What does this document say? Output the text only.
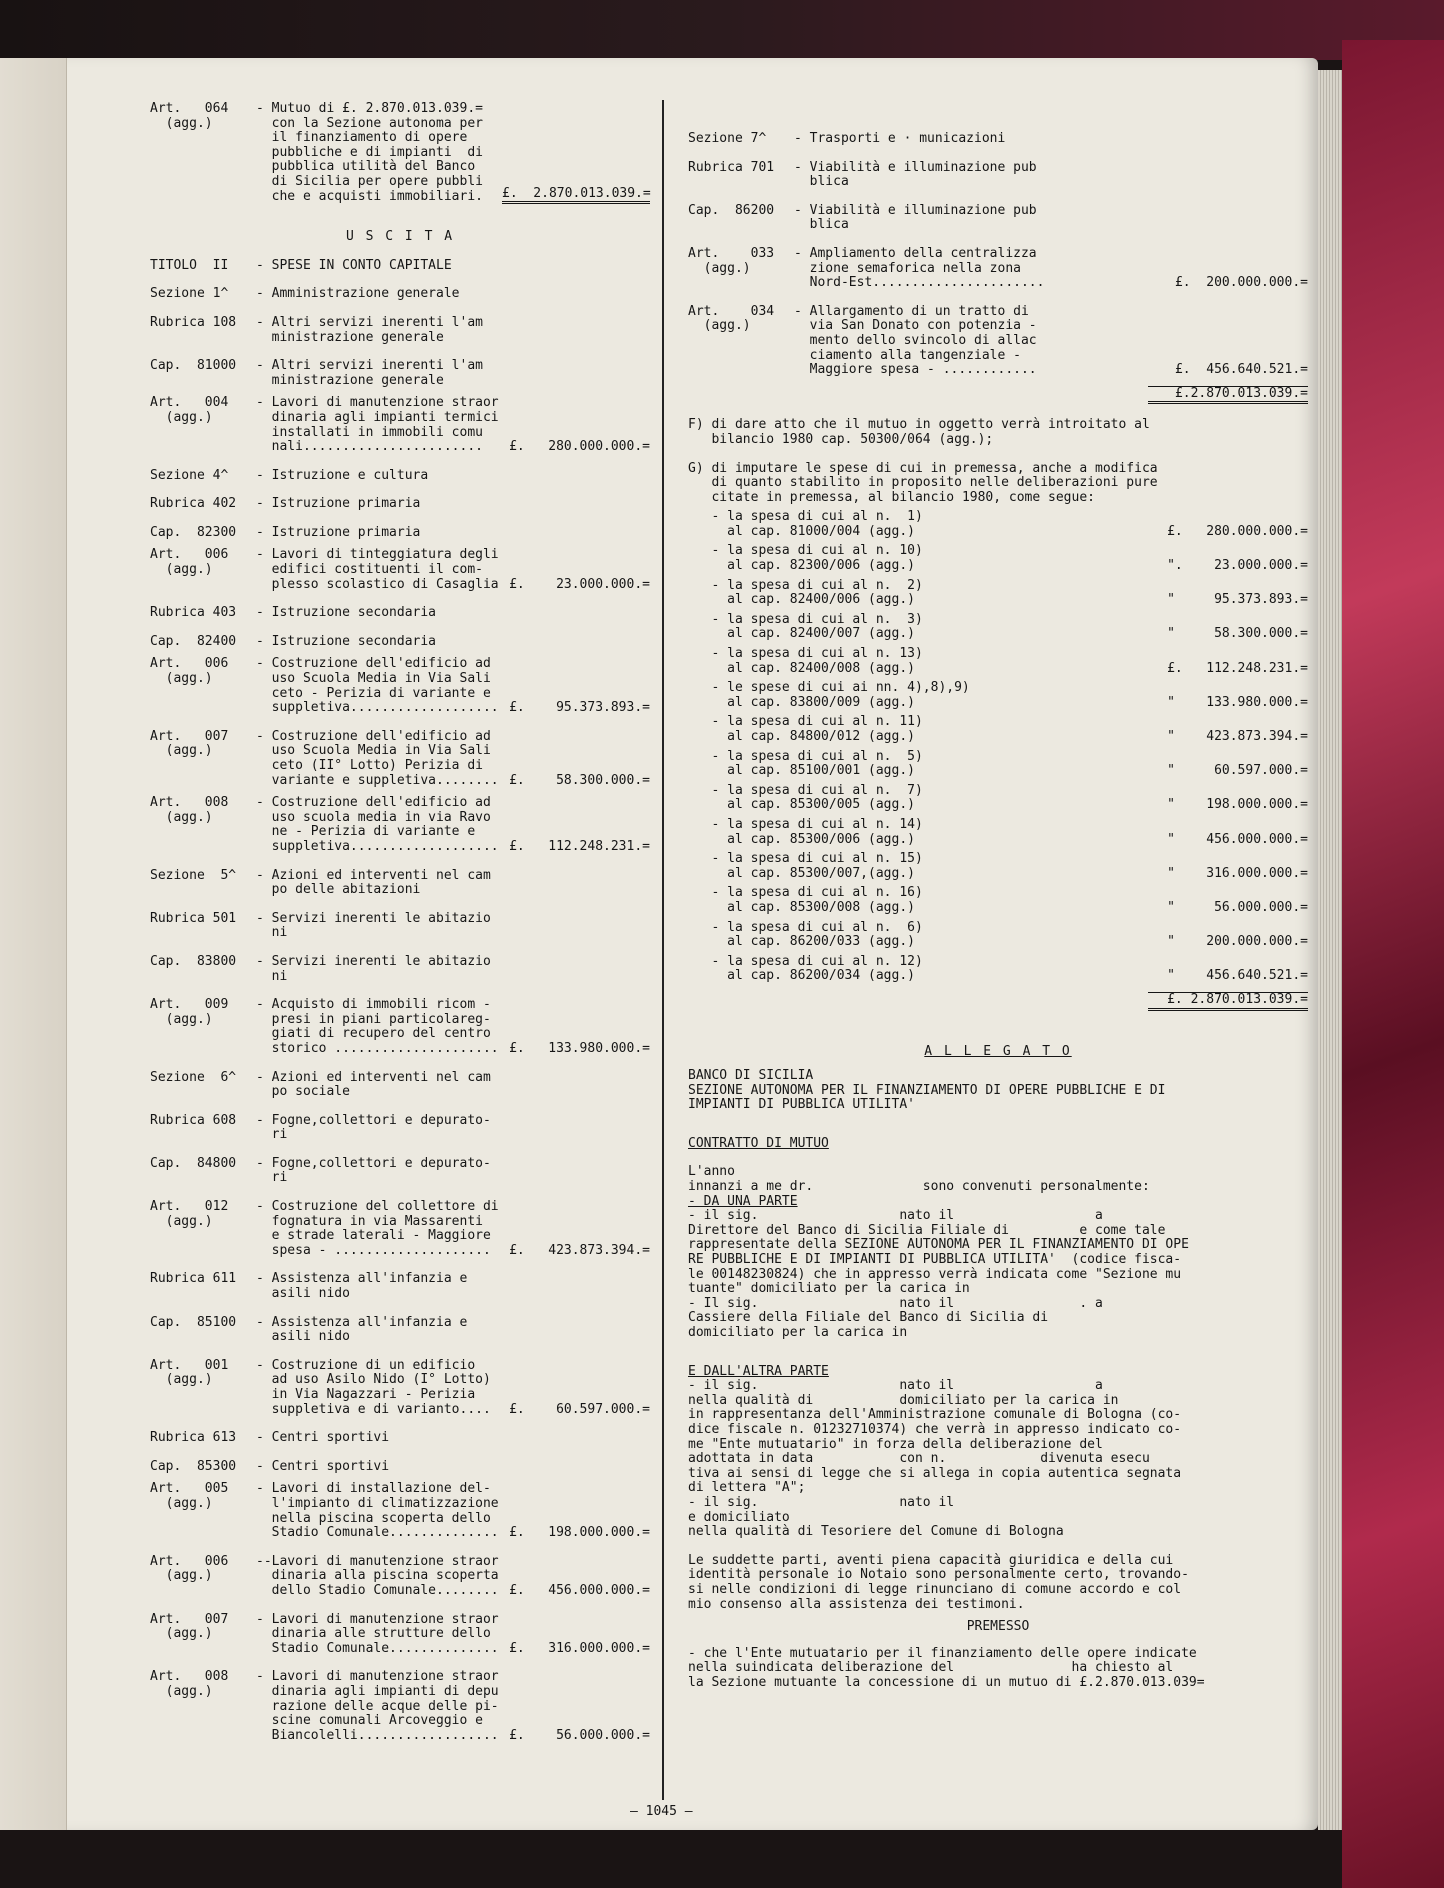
Art.   064
(agg.)
- Mutuo di £. 2.870.013.039.=
con la Sezione autonoma per
il finanziamento di opere
pubbliche e di impianti  di
pubblica utilità del Banco
di Sicilia per opere pubbli
che e acquisti immobiliari.	£.  2.870.013.039.=
U S C I T A
TITOLO  II	- SPESE IN CONTO CAPITALE
Sezione 1^	- Amministrazione generale
Rubrica 108	- Altri servizi inerenti l'am
ministrazione generale
Cap.  81000	- Altri servizi inerenti l'am
ministrazione generale
Art.   004
(agg.)
- Lavori di manutenzione straor
dinaria agli impianti termici
installati in immobili comu
nali.......................	£.   280.000.000.=
Sezione 4^	- Istruzione e cultura
Rubrica 402	- Istruzione primaria
Cap.  82300	- Istruzione primaria
Art.   006
(agg.)
- Lavori di tinteggiatura degli
edifici costituenti il com-
plesso scolastico di Casaglia £.    23.000.000.=
Rubrica 403	- Istruzione secondaria
Cap.  82400	- Istruzione secondaria
Art.   006
(agg.)
- Costruzione dell'edificio ad
uso Scuola Media in Via Sali
ceto - Perizia di variante e
suppletiva................... £.    95.373.893.=
Art.   007
(agg.)
- Costruzione dell'edificio ad
uso Scuola Media in Via Sali
ceto (II° Lotto) Perizia di
variante e suppletiva........ £.    58.300.000.=
Art.   008
(agg.)
- Costruzione dell'edificio ad
uso scuola media in via Ravo
ne - Perizia di variante e
suppletiva................... £.   112.248.231.=
Sezione  5^	- Azioni ed interventi nel cam
po delle abitazioni
Rubrica 501	- Servizi inerenti le abitazio
ni
Cap.  83800	- Servizi inerenti le abitazio
ni
Art.   009
(agg.)
- Acquisto di immobili ricom -
presi in piani particolareg-
giati di recupero del centro
storico ..................... £.   133.980.000.=
Sezione  6^	- Azioni ed interventi nel cam
po sociale
Rubrica 608	- Fogne,collettori e depurato-
ri
Cap.  84800	- Fogne,collettori e depurato-
ri
Art.   012
(agg.)
- Costruzione del collettore di
fognatura in via Massarenti
e strade laterali - Maggiore
spesa - ....................	£.   423.873.394.=
Rubrica 611	- Assistenza all'infanzia e
asili nido
Cap.  85100	- Assistenza all'infanzia e
asili nido
Art.   001
(agg.)
- Costruzione di un edificio
ad uso Asilo Nido (I° Lotto)
in Via Nagazzari - Perizia
suppletiva e di varianto....	£.    60.597.000.=
Rubrica 613	- Centri sportivi
Cap.  85300	- Centri sportivi
Art.   005
(agg.)
- Lavori di installazione del-
l'impianto di climatizzazione
nella piscina scoperta dello
Stadio Comunale.............. £.   198.000.000.=
Art.   006
(agg.)
--Lavori di manutenzione straor
dinaria alla piscina scoperta
dello Stadio Comunale........ £.   456.000.000.=
Art.   007
(agg.)
- Lavori di manutenzione straor
dinaria alle strutture dello
Stadio Comunale.............. £.   316.000.000.=
Art.   008
(agg.)
- Lavori di manutenzione straor
dinaria agli impianti di depu
razione delle acque delle pi-
scine comunali Arcoveggio e
Biancolelli.................. £.    56.000.000.=
Sezione 7^	- Trasporti e · municazioni
Rubrica 701	- Viabilità e illuminazione pub
blica
Cap.  86200	- Viabilità e illuminazione pub
blica
Art.    033
(agg.)
- Ampliamento della centralizza
zione semaforica nella zona
Nord-Est......................	£.  200.000.000.=
Art.    034
(agg.)
- Allargamento di un tratto di
via San Donato con potenzia -
mento dello svincolo di allac
ciamento alla tangenziale -
Maggiore spesa - ............	£.  456.640.521.=
£.2.870.013.039.=
F) di dare atto che il mutuo in oggetto verrà introitato al
bilancio 1980 cap. 50300/064 (agg.);
G) di imputare le spese di cui in premessa, anche a modifica
di quanto stabilito in proposito nelle deliberazioni pure
citate in premessa, al bilancio 1980, come segue:
- la spesa di cui al n.  1)
al cap. 81000/004 (agg.)	£.   280.000.000.=
- la spesa di cui al n. 10)
al cap. 82300/006 (agg.)	".    23.000.000.=
- la spesa di cui al n.  2)
al cap. 82400/006 (agg.)	"     95.373.893.=
- la spesa di cui al n.  3)
al cap. 82400/007 (agg.)	"     58.300.000.=
- la spesa di cui al n. 13)
al cap. 82400/008 (agg.)	£.   112.248.231.=
- le spese di cui ai nn. 4),8),9)
al cap. 83800/009 (agg.)	"    133.980.000.=
- la spesa di cui al n. 11)
al cap. 84800/012 (agg.)	"    423.873.394.=
- la spesa di cui al n.  5)
al cap. 85100/001 (agg.)	"     60.597.000.=
- la spesa di cui al n.  7)
al cap. 85300/005 (agg.)	"    198.000.000.=
- la spesa di cui al n. 14)
al cap. 85300/006 (agg.)	"    456.000.000.=
- la spesa di cui al n. 15)
al cap. 85300/007,(agg.)	"    316.000.000.=
- la spesa di cui al n. 16)
al cap. 85300/008 (agg.)	"     56.000.000.=
- la spesa di cui al n.  6)
al cap. 86200/033 (agg.)	"    200.000.000.=
- la spesa di cui al n. 12)
al cap. 86200/034 (agg.)	"    456.640.521.=
£. 2.870.013.039.=
A L L E G A T O
BANCO DI SICILIA
SEZIONE AUTONOMA PER IL FINANZIAMENTO DI OPERE PUBBLICHE E DI
IMPIANTI DI PUBBLICA UTILITA'
CONTRATTO DI MUTUO
L'anno
innanzi a me dr.              sono convenuti personalmente:
- DA UNA PARTE
- il sig.                  nato il                  a
Direttore del Banco di Sicilia Filiale di         e come tale
rappresentate della SEZIONE AUTONOMA PER IL FINANZIAMENTO DI OPE
RE PUBBLICHE E DI IMPIANTI DI PUBBLICA UTILITA'  (codice fisca-
le 00148230824) che in appresso verrà indicata come "Sezione mu
tuante" domiciliato per la carica in
- Il sig.                  nato il                . a
Cassiere della Filiale del Banco di Sicilia di
domiciliato per la carica in
E DALL'ALTRA PARTE
- il sig.                  nato il                  a
nella qualità di           domiciliato per la carica in
in rappresentanza dell'Amministrazione comunale di Bologna (co-
dice fiscale n. 01232710374) che verrà in appresso indicato co-
me "Ente mutuatario" in forza della deliberazione del
adottata in data           con n.            divenuta esecu
tiva ai sensi di legge che si allega in copia autentica segnata
di lettera "A";
- il sig.                  nato il
e domiciliato
nella qualità di Tesoriere del Comune di Bologna
Le suddette parti, aventi piena capacità giuridica e della cui
identità personale io Notaio sono personalmente certo, trovando-
si nelle condizioni di legge rinunciano di comune accordo e col
mio consenso alla assistenza dei testimoni.
PREMESSO
- che l'Ente mutuatario per il finanziamento delle opere indicate
nella suindicata deliberazione del               ha chiesto al
la Sezione mutuante la concessione di un mutuo di £.2.870.013.039=
– 1045 –
